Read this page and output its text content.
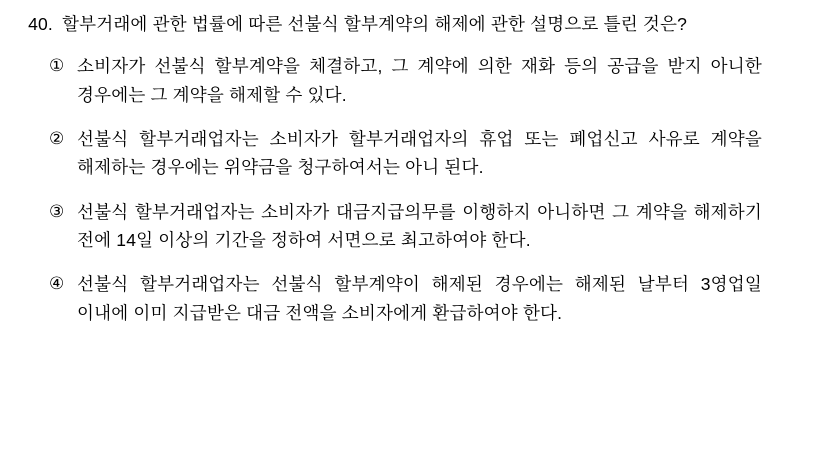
40. 할부거래에 관한 법률에 따른 선불식 할부계약의 해제에 관한 설명으로 틀린 것은?
① 소비자가 선불식 할부계약을 체결하고, 그 계약에 의한 재화 등의 공급을 받지 아니한 경우에는 그 계약을 해제할 수 있다.
② 선불식 할부거래업자는 소비자가 할부거래업자의 휴업 또는 폐업신고 사유로 계약을 해제하는 경우에는 위약금을 청구하여서는 아니 된다.
③ 선불식 할부거래업자는 소비자가 대금지급의무를 이행하지 아니하면 그 계약을 해제하기 전에 14일 이상의 기간을 정하여 서면으로 최고하여야 한다.
④ 선불식 할부거래업자는 선불식 할부계약이 해제된 경우에는 해제된 날부터 3영업일 이내에 이미 지급받은 대금 전액을 소비자에게 환급하여야 한다.
